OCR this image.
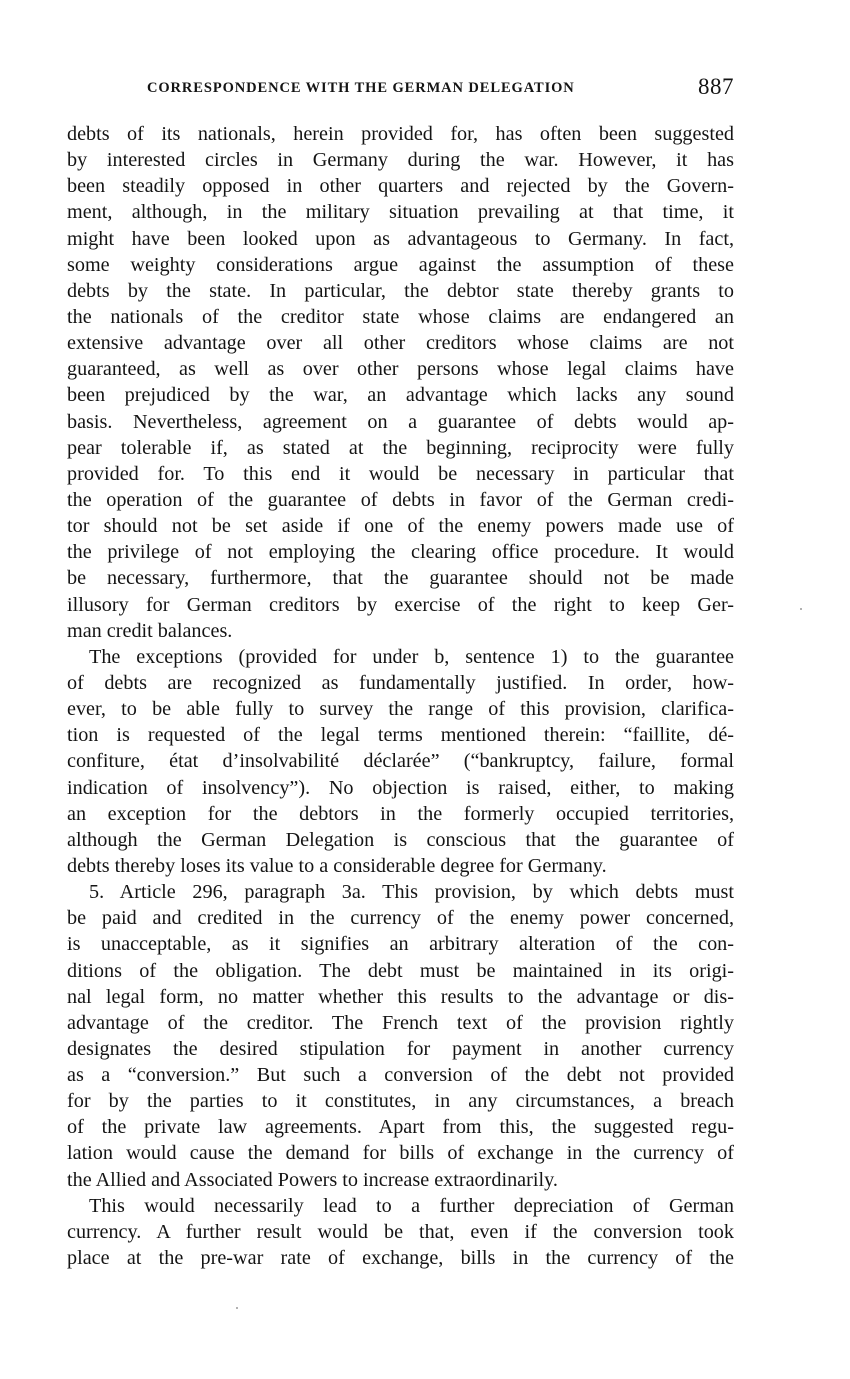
CORRESPONDENCE WITH THE GERMAN DELEGATION	887
debts of its nationals, herein provided for, has often been suggested
by interested circles in Germany during the war. However, it has
been steadily opposed in other quarters and rejected by the Govern-
ment, although, in the military situation prevailing at that time, it
might have been looked upon as advantageous to Germany. In fact,
some weighty considerations argue against the assumption of these
debts by the state. In particular, the debtor state thereby grants to
the nationals of the creditor state whose claims are endangered an
extensive advantage over all other creditors whose claims are not
guaranteed, as well as over other persons whose legal claims have
been prejudiced by the war, an advantage which lacks any sound
basis. Nevertheless, agreement on a guarantee of debts would ap-
pear tolerable if, as stated at the beginning, reciprocity were fully
provided for. To this end it would be necessary in particular that
the operation of the guarantee of debts in favor of the German credi-
tor should not be set aside if one of the enemy powers made use of
the privilege of not employing the clearing office procedure. It would
be necessary, furthermore, that the guarantee should not be made
illusory for German creditors by exercise of the right to keep Ger-
man credit balances.
The exceptions (provided for under b, sentence 1) to the guarantee
of debts are recognized as fundamentally justified. In order, how-
ever, to be able fully to survey the range of this provision, clarifica-
tion is requested of the legal terms mentioned therein: “faillite, dé-
confiture, état d’insolvabilité déclarée” (“bankruptcy, failure, formal
indication of insolvency”). No objection is raised, either, to making
an exception for the debtors in the formerly occupied territories,
although the German Delegation is conscious that the guarantee of
debts thereby loses its value to a considerable degree for Germany.
5. Article 296, paragraph 3a. This provision, by which debts must
be paid and credited in the currency of the enemy power concerned,
is unacceptable, as it signifies an arbitrary alteration of the con-
ditions of the obligation. The debt must be maintained in its origi-
nal legal form, no matter whether this results to the advantage or dis-
advantage of the creditor. The French text of the provision rightly
designates the desired stipulation for payment in another currency
as a “conversion.” But such a conversion of the debt not provided
for by the parties to it constitutes, in any circumstances, a breach
of the private law agreements. Apart from this, the suggested regu-
lation would cause the demand for bills of exchange in the currency of
the Allied and Associated Powers to increase extraordinarily.
This would necessarily lead to a further depreciation of German
currency. A further result would be that, even if the conversion took
place at the pre-war rate of exchange, bills in the currency of the
